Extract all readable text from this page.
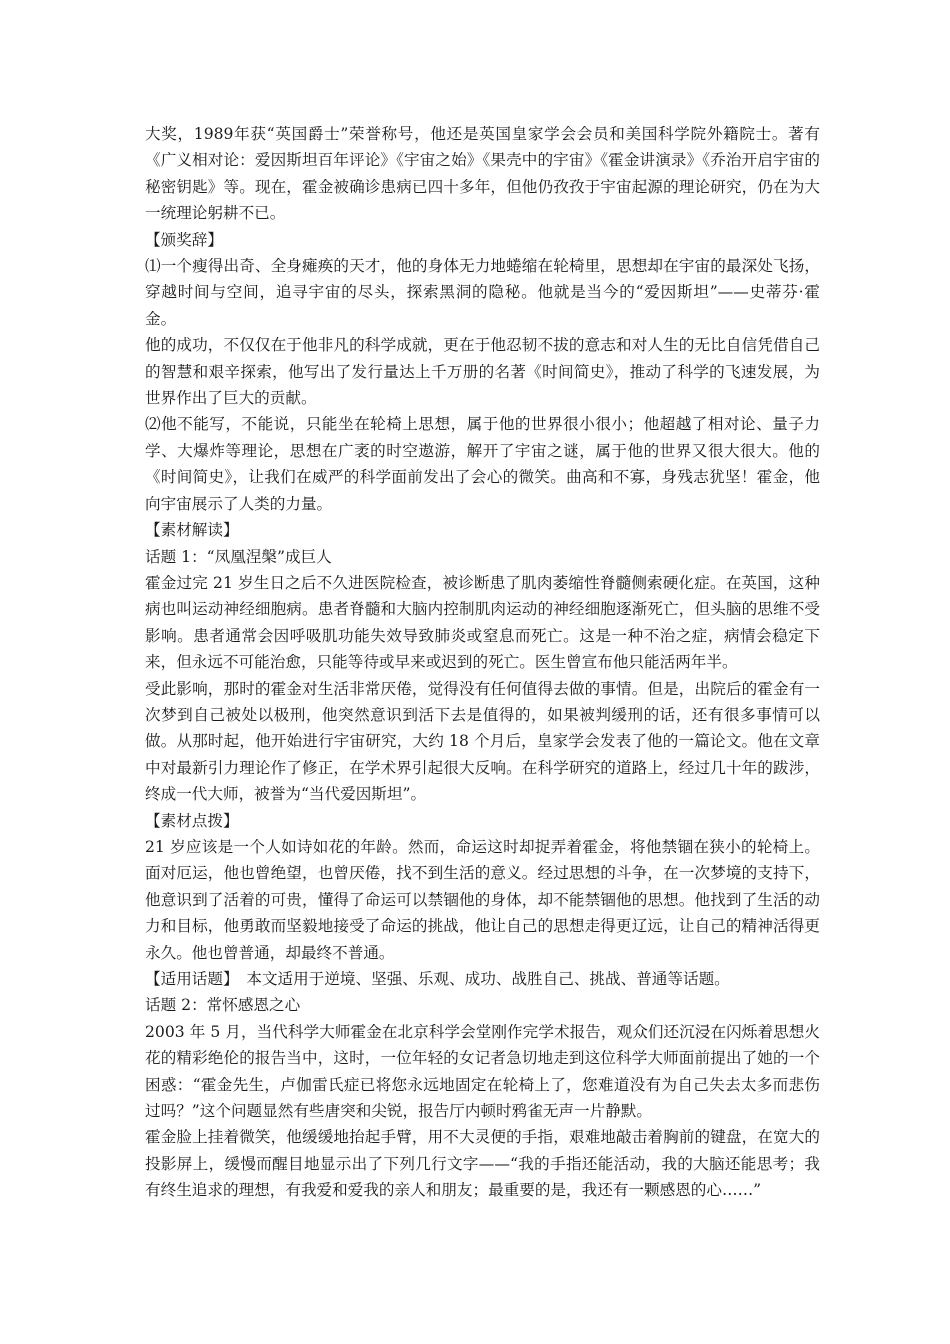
大奖，1989年获“英国爵士”荣誉称号，他还是英国皇家学会会员和美国科学院外籍院士。著有《广义相对论：爱因斯坦百年评论》《宇宙之始》《果壳中的宇宙》《霍金讲演录》《乔治开启宇宙的秘密钥匙》等。现在，霍金被确诊患病已四十多年，但他仍孜孜于宇宙起源的理论研究，仍在为大一统理论躬耕不已。

【颁奖辞】

⑴一个瘦得出奇、全身瘫痪的天才，他的身体无力地蜷缩在轮椅里，思想却在宇宙的最深处飞扬，穿越时间与空间，追寻宇宙的尽头，探索黑洞的隐秘。他就是当今的“爱因斯坦”——史蒂芬·霍金。

他的成功，不仅仅在于他非凡的科学成就，更在于他忍韧不拔的意志和对人生的无比自信凭借自己的智慧和艰辛探索，他写出了发行量达上千万册的名著《时间简史》，推动了科学的飞速发展，为世界作出了巨大的贡献。

⑵他不能写，不能说，只能坐在轮椅上思想，属于他的世界很小很小；他超越了相对论、量子力学、大爆炸等理论，思想在广袤的时空遨游，解开了宇宙之谜，属于他的世界又很大很大。他的《时间简史》，让我们在威严的科学面前发出了会心的微笑。曲高和不寡，身残志犹坚！霍金，他向宇宙展示了人类的力量。

【素材解读】

话题 1：“凤凰涅槃”成巨人

霍金过完 21 岁生日之后不久进医院检查，被诊断患了肌肉萎缩性脊髓侧索硬化症。在英国，这种病也叫运动神经细胞病。患者脊髓和大脑内控制肌肉运动的神经细胞逐渐死亡，但头脑的思维不受影响。患者通常会因呼吸肌功能失效导致肺炎或窒息而死亡。这是一种不治之症，病情会稳定下来，但永远不可能治愈，只能等待或早来或迟到的死亡。医生曾宣布他只能活两年半。

受此影响，那时的霍金对生活非常厌倦，觉得没有任何值得去做的事情。但是，出院后的霍金有一次梦到自己被处以极刑，他突然意识到活下去是值得的，如果被判缓刑的话，还有很多事情可以做。从那时起，他开始进行宇宙研究，大约 18 个月后，皇家学会发表了他的一篇论文。他在文章中对最新引力理论作了修正，在学术界引起很大反响。在科学研究的道路上，经过几十年的跋涉，终成一代大师，被誉为“当代爱因斯坦”。

【素材点拨】

21 岁应该是一个人如诗如花的年龄。然而，命运这时却捉弄着霍金，将他禁锢在狭小的轮椅上。面对厄运，他也曾绝望，也曾厌倦，找不到生活的意义。经过思想的斗争，在一次梦境的支持下，他意识到了活着的可贵，懂得了命运可以禁锢他的身体，却不能禁锢他的思想。他找到了生活的动力和目标，他勇敢而坚毅地接受了命运的挑战，他让自己的思想走得更辽远，让自己的精神活得更永久。他也曾普通，却最终不普通。

【适用话题】　本文适用于逆境、坚强、乐观、成功、战胜自己、挑战、普通等话题。

话题 2：常怀感恩之心

2003 年 5 月，当代科学大师霍金在北京科学会堂刚作完学术报告，观众们还沉浸在闪烁着思想火花的精彩绝伦的报告当中，这时，一位年轻的女记者急切地走到这位科学大师面前提出了她的一个困惑：“霍金先生，卢伽雷氏症已将您永远地固定在轮椅上了，您难道没有为自己失去太多而悲伤过吗？”这个问题显然有些唐突和尖锐，报告厅内顿时鸦雀无声一片静默。

霍金脸上挂着微笑，他缓缓地抬起手臂，用不大灵便的手指，艰难地敲击着胸前的键盘，在宽大的投影屏上，缓慢而醒目地显示出了下列几行文字——“我的手指还能活动，我的大脑还能思考；我有终生追求的理想，有我爱和爱我的亲人和朋友；最重要的是，我还有一颗感恩的心……”
